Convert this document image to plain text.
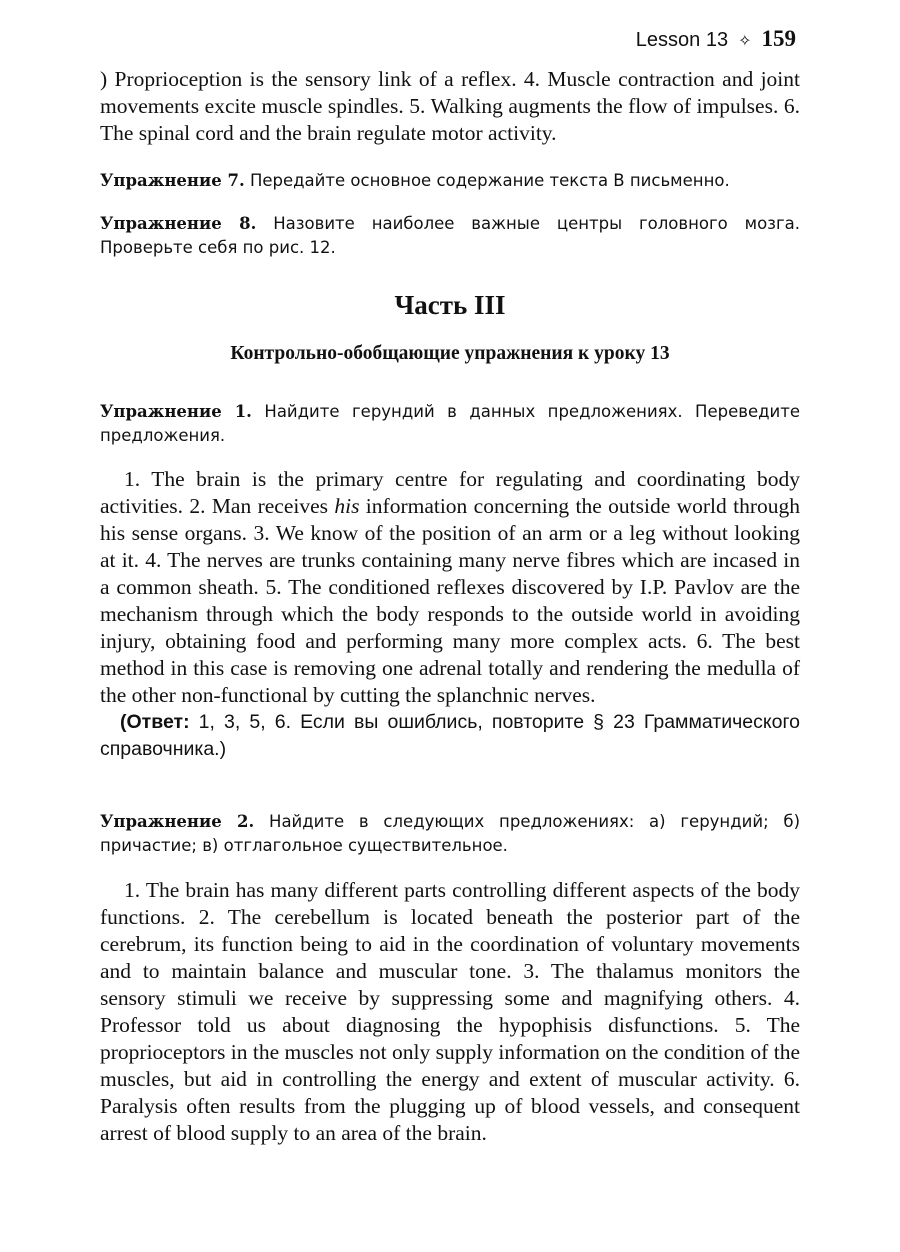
Lesson 13 ✧ 159

) Proprioception is the sensory link of a reflex. 4. Muscle contraction and joint movements excite muscle spindles. 5. Walking augments the flow of impulses. 6. The spinal cord and the brain regulate motor activity.

Упражнение 7. Передайте основное содержание текста В письменно.

Упражнение 8. Назовите наиболее важные центры головного мозга. Проверьте себя по рис. 12.

Часть III
Контрольно-обобщающие упражнения к уроку 13

Упражнение 1. Найдите герундий в данных предложениях. Переведите предложения.

1. The brain is the primary centre for regulating and coordinating body activities. 2. Man receives his information concerning the outside world through his sense organs. 3. We know of the position of an arm or a leg without looking at it. 4. The nerves are trunks containing many nerve fibres which are incased in a common sheath. 5. The conditioned reflexes discovered by I.P. Pavlov are the mechanism through which the body responds to the outside world in avoiding injury, obtaining food and performing many more complex acts. 6. The best method in this case is removing one adrenal totally and rendering the medulla of the other non-functional by cutting the splanchnic nerves.

(Ответ: 1, 3, 5, 6. Если вы ошиблись, повторите § 23 Грамматического справочника.)

Упражнение 2. Найдите в следующих предложениях: а) герундий; б) причастие; в) отглагольное существительное.

1. The brain has many different parts controlling different aspects of the body functions. 2. The cerebellum is located beneath the posterior part of the cerebrum, its function being to aid in the coordination of voluntary movements and to maintain balance and muscular tone. 3. The thalamus monitors the sensory stimuli we receive by suppressing some and magnifying others. 4. Professor told us about diagnosing the hypophisis disfunctions. 5. The proprioceptors in the muscles not only supply information on the condition of the muscles, but aid in controlling the energy and extent of muscular activity. 6. Paralysis often results from the plugging up of blood vessels, and consequent arrest of blood supply to an area of the brain.
